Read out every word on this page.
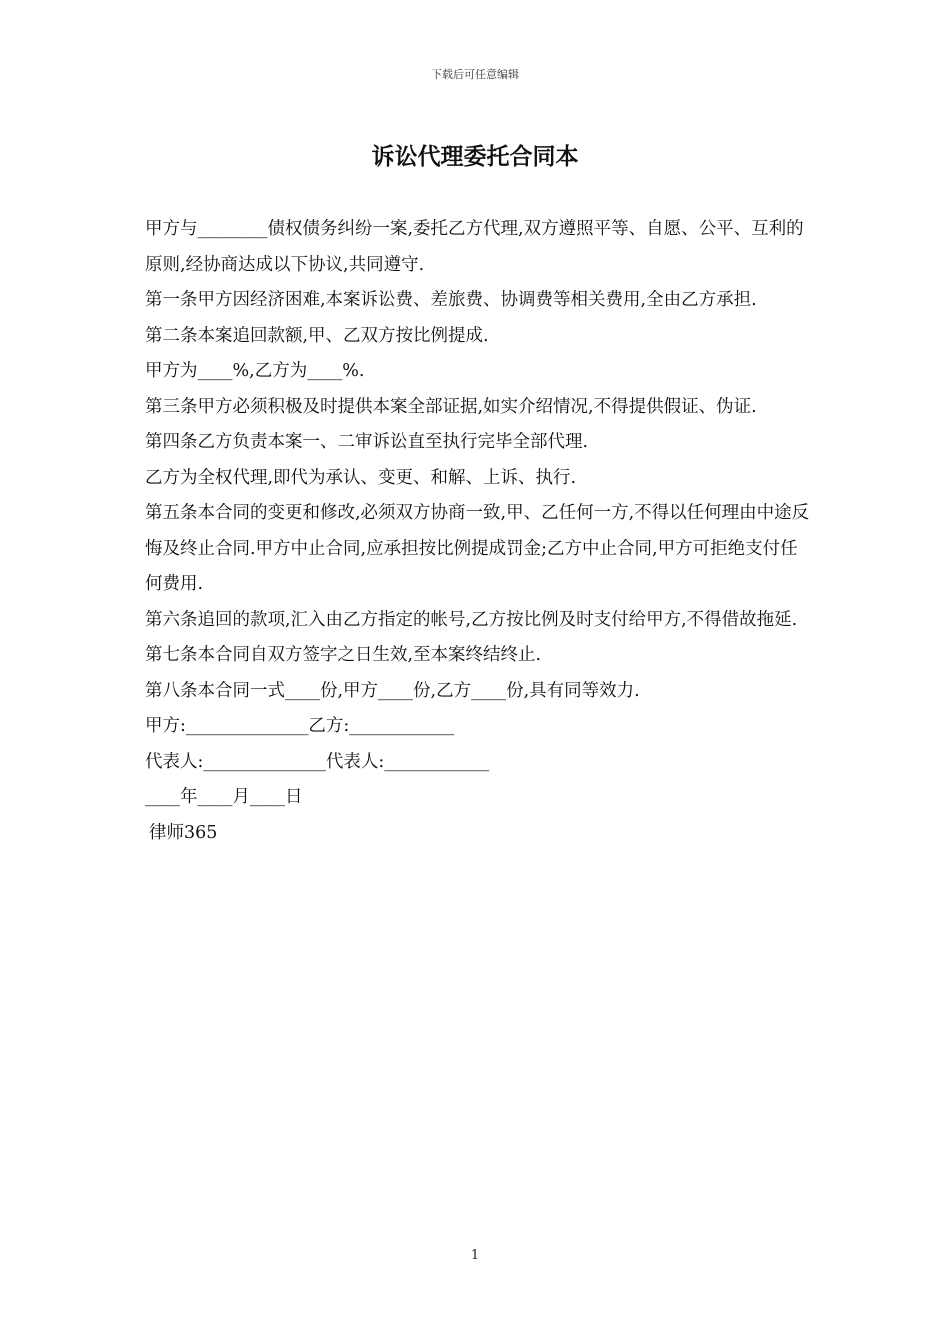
下载后可任意编辑
诉讼代理委托合同本

甲方与________债权债务纠纷一案,委托乙方代理,双方遵照平等、自愿、公平、互利的原则,经协商达成以下协议,共同遵守.

第一条甲方因经济困难,本案诉讼费、差旅费、协调费等相关费用,全由乙方承担.

第二条本案追回款额,甲、乙双方按比例提成.

甲方为____%,乙方为____%.

第三条甲方必须积极及时提供本案全部证据,如实介绍情况,不得提供假证、伪证.

第四条乙方负责本案一、二审诉讼直至执行完毕全部代理.

乙方为全权代理,即代为承认、变更、和解、上诉、执行.

第五条本合同的变更和修改,必须双方协商一致,甲、乙任何一方,不得以任何理由中途反悔及终止合同.甲方中止合同,应承担按比例提成罚金;乙方中止合同,甲方可拒绝支付任何费用.

第六条追回的款项,汇入由乙方指定的帐号,乙方按比例及时支付给甲方,不得借故拖延.

第七条本合同自双方签字之日生效,至本案终结终止.

第八条本合同一式____份,甲方____份,乙方____份,具有同等效力.

甲方:______________乙方:____________
代表人:______________代表人:____________
____年____月____日
律师365
1
